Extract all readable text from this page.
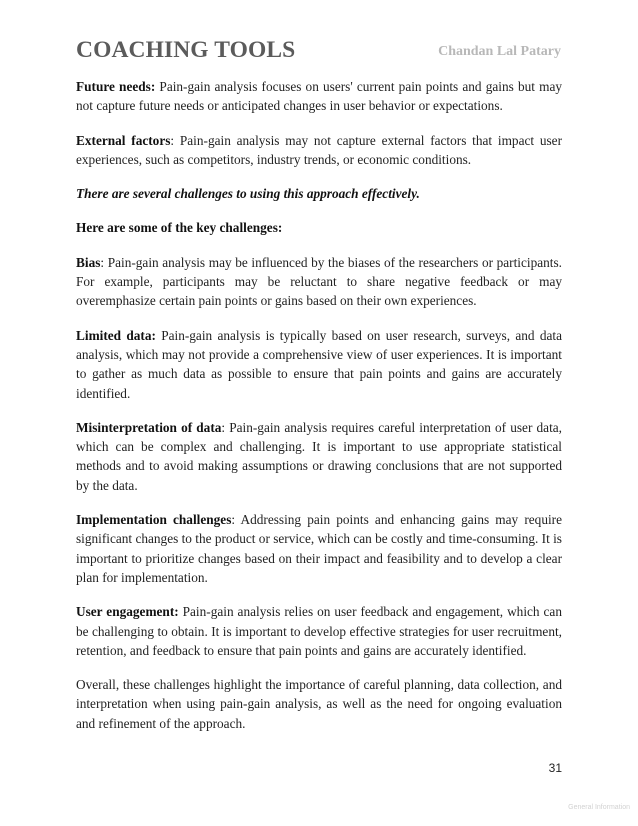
COACHING TOOLS	Chandan Lal Patary

Future needs: Pain-gain analysis focuses on users' current pain points and gains but may not capture future needs or anticipated changes in user behavior or expectations.

External factors: Pain-gain analysis may not capture external factors that impact user experiences, such as competitors, industry trends, or economic conditions.

There are several challenges to using this approach effectively.

Here are some of the key challenges:

Bias: Pain-gain analysis may be influenced by the biases of the researchers or participants. For example, participants may be reluctant to share negative feedback or may overemphasize certain pain points or gains based on their own experiences.

Limited data: Pain-gain analysis is typically based on user research, surveys, and data analysis, which may not provide a comprehensive view of user experiences. It is important to gather as much data as possible to ensure that pain points and gains are accurately identified.

Misinterpretation of data: Pain-gain analysis requires careful interpretation of user data, which can be complex and challenging. It is important to use appropriate statistical methods and to avoid making assumptions or drawing conclusions that are not supported by the data.

Implementation challenges: Addressing pain points and enhancing gains may require significant changes to the product or service, which can be costly and time-consuming. It is important to prioritize changes based on their impact and feasibility and to develop a clear plan for implementation.

User engagement: Pain-gain analysis relies on user feedback and engagement, which can be challenging to obtain. It is important to develop effective strategies for user recruitment, retention, and feedback to ensure that pain points and gains are accurately identified.

Overall, these challenges highlight the importance of careful planning, data collection, and interpretation when using pain-gain analysis, as well as the need for ongoing evaluation and refinement of the approach.

31
General Information
